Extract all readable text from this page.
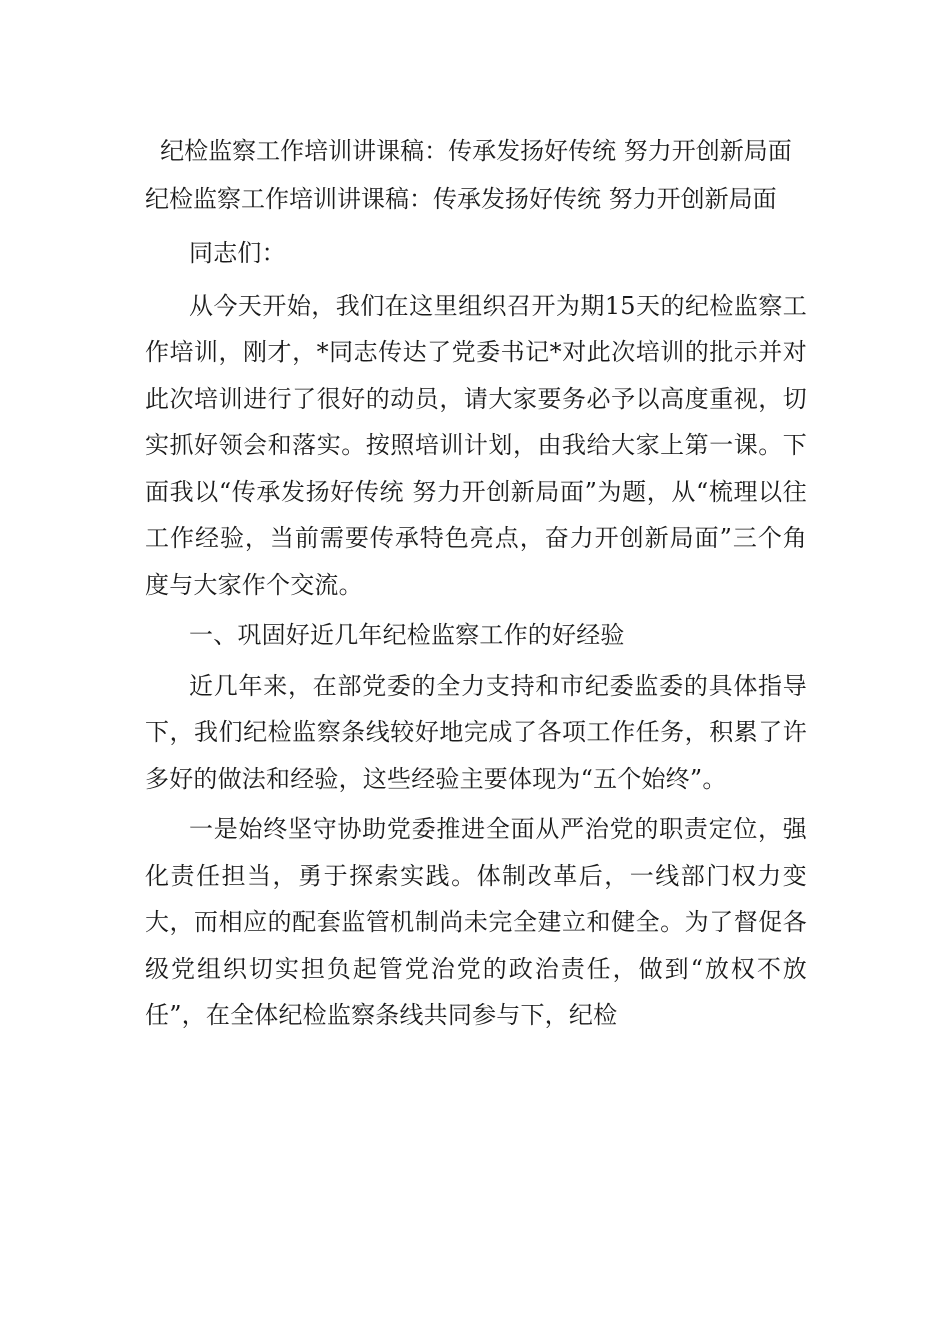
纪检监察工作培训讲课稿：传承发扬好传统 努力开创新局面
纪检监察工作培训讲课稿：传承发扬好传统 努力开创新局面
同志们：
从今天开始，我们在这里组织召开为期15天的纪检监察工作培训，刚才，*同志传达了党委书记*对此次培训的批示并对此次培训进行了很好的动员，请大家要务必予以高度重视，切实抓好领会和落实。按照培训计划，由我给大家上第一课。下面我以“传承发扬好传统 努力开创新局面”为题，从“梳理以往工作经验，当前需要传承特色亮点，奋力开创新局面”三个角度与大家作个交流。
一、巩固好近几年纪检监察工作的好经验
近几年来，在部党委的全力支持和市纪委监委的具体指导下，我们纪检监察条线较好地完成了各项工作任务，积累了许多好的做法和经验，这些经验主要体现为“五个始终”。
一是始终坚守协助党委推进全面从严治党的职责定位，强化责任担当，勇于探索实践。体制改革后，一线部门权力变大，而相应的配套监管机制尚未完全建立和健全。为了督促各级党组织切实担负起管党治党的政治责任，做到“放权不放任”，在全体纪检监察条线共同参与下，纪检
